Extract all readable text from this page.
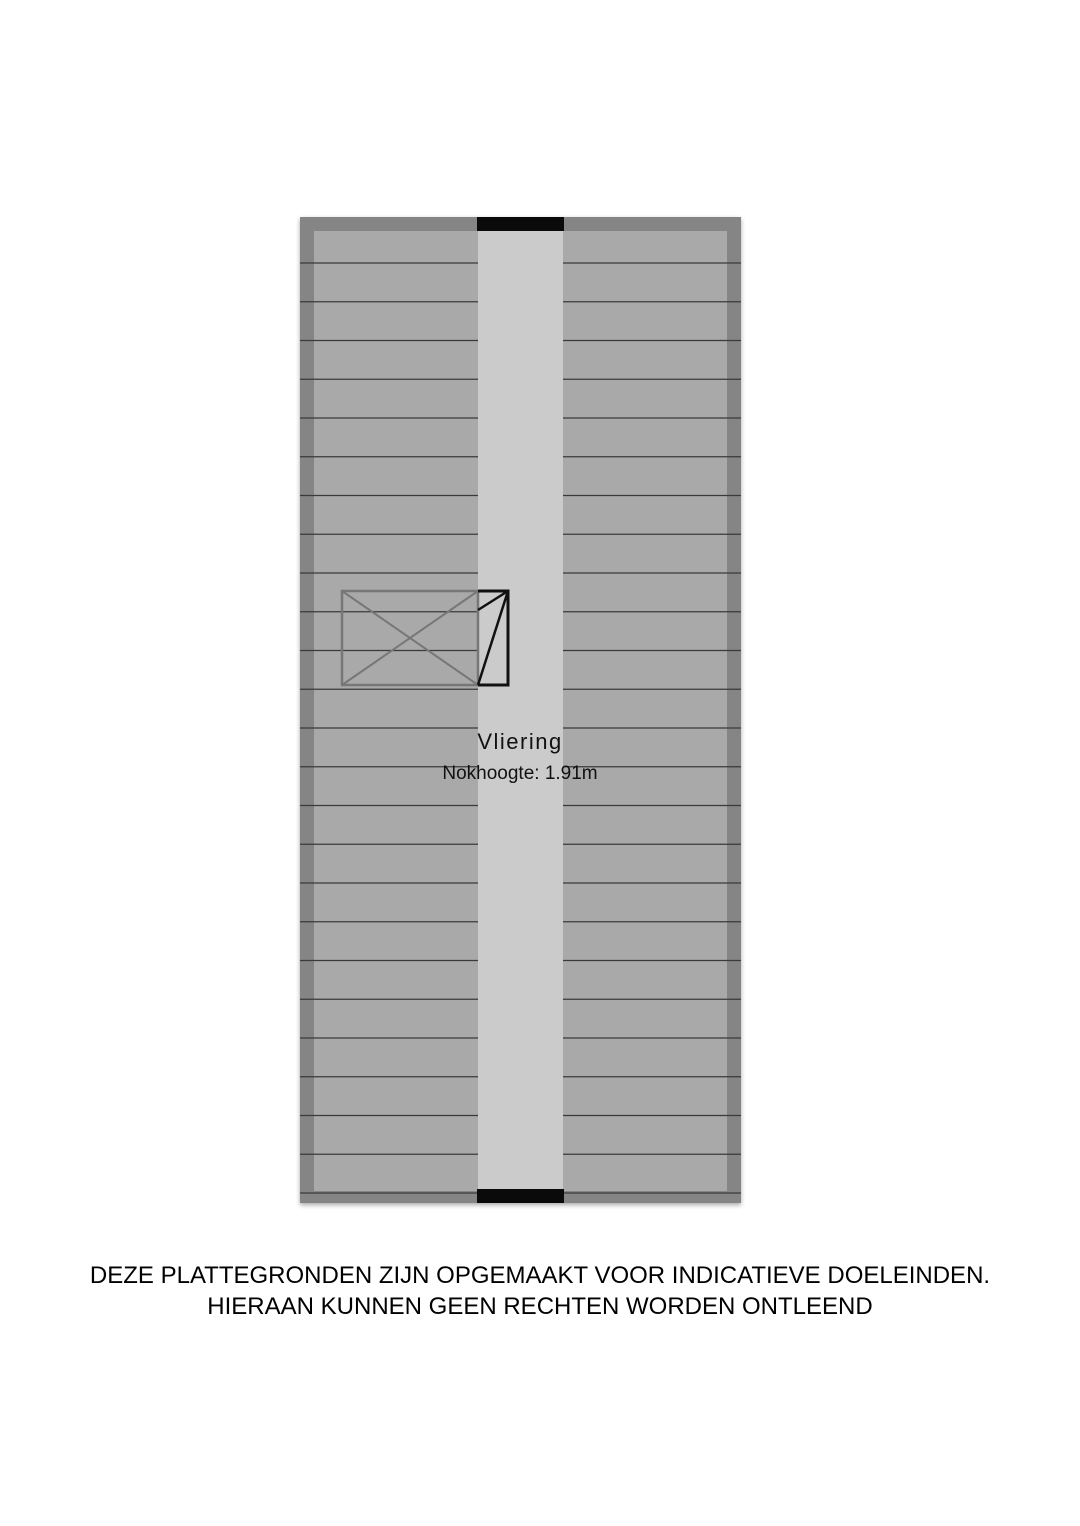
Vliering
Nokhoogte: 1.91m
DEZE PLATTEGRONDEN ZIJN OPGEMAAKT VOOR INDICATIEVE DOELEINDEN.
HIERAAN KUNNEN GEEN RECHTEN WORDEN ONTLEEND
